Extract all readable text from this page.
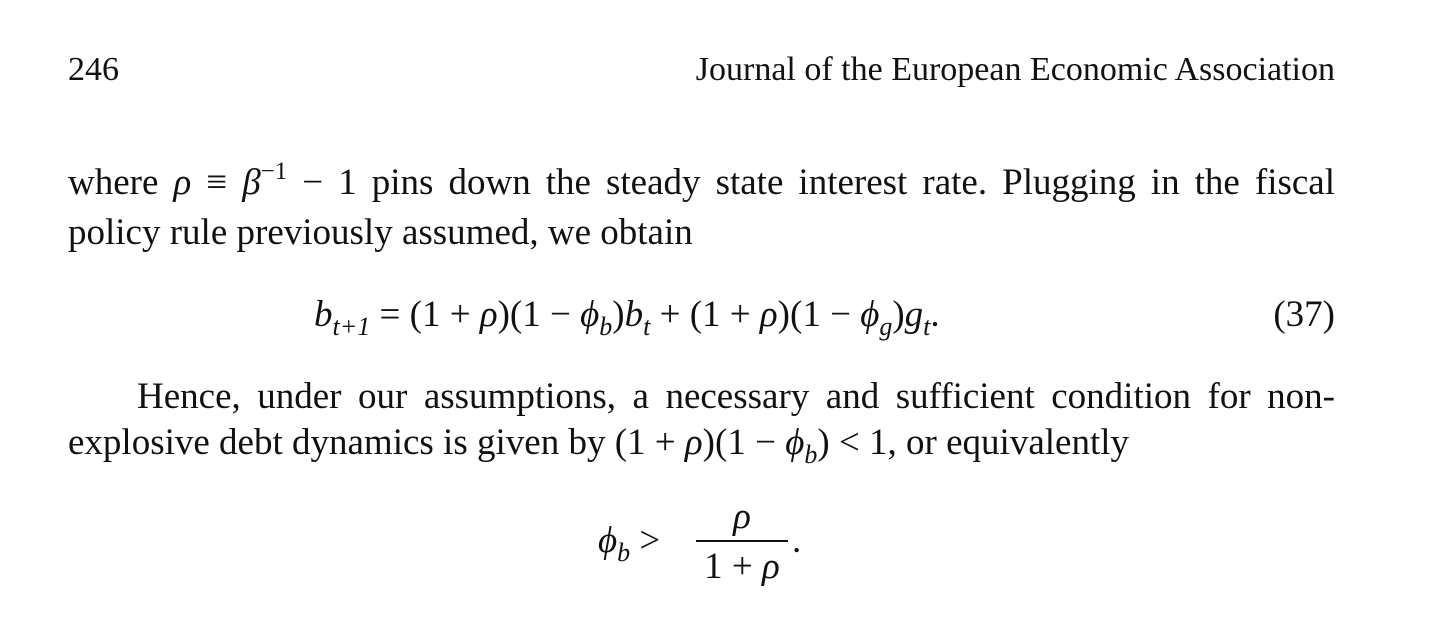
246	Journal of the European Economic Association
where $\rho \equiv \beta^{-1} - 1$ pins down the steady state interest rate. Plugging in the fiscal policy rule previously assumed, we obtain
$b_{t+1} = (1 + \rho)(1 - \phi_b)b_t + (1 + \rho)(1 - \phi_g)g_t$.	(37)
Hence, under our assumptions, a necessary and sufficient condition for non-explosive debt dynamics is given by $(1 + \rho)(1 - \phi_b) < 1$, or equivalently
$\phi_b$ >
ρ
1 + ρ
.
